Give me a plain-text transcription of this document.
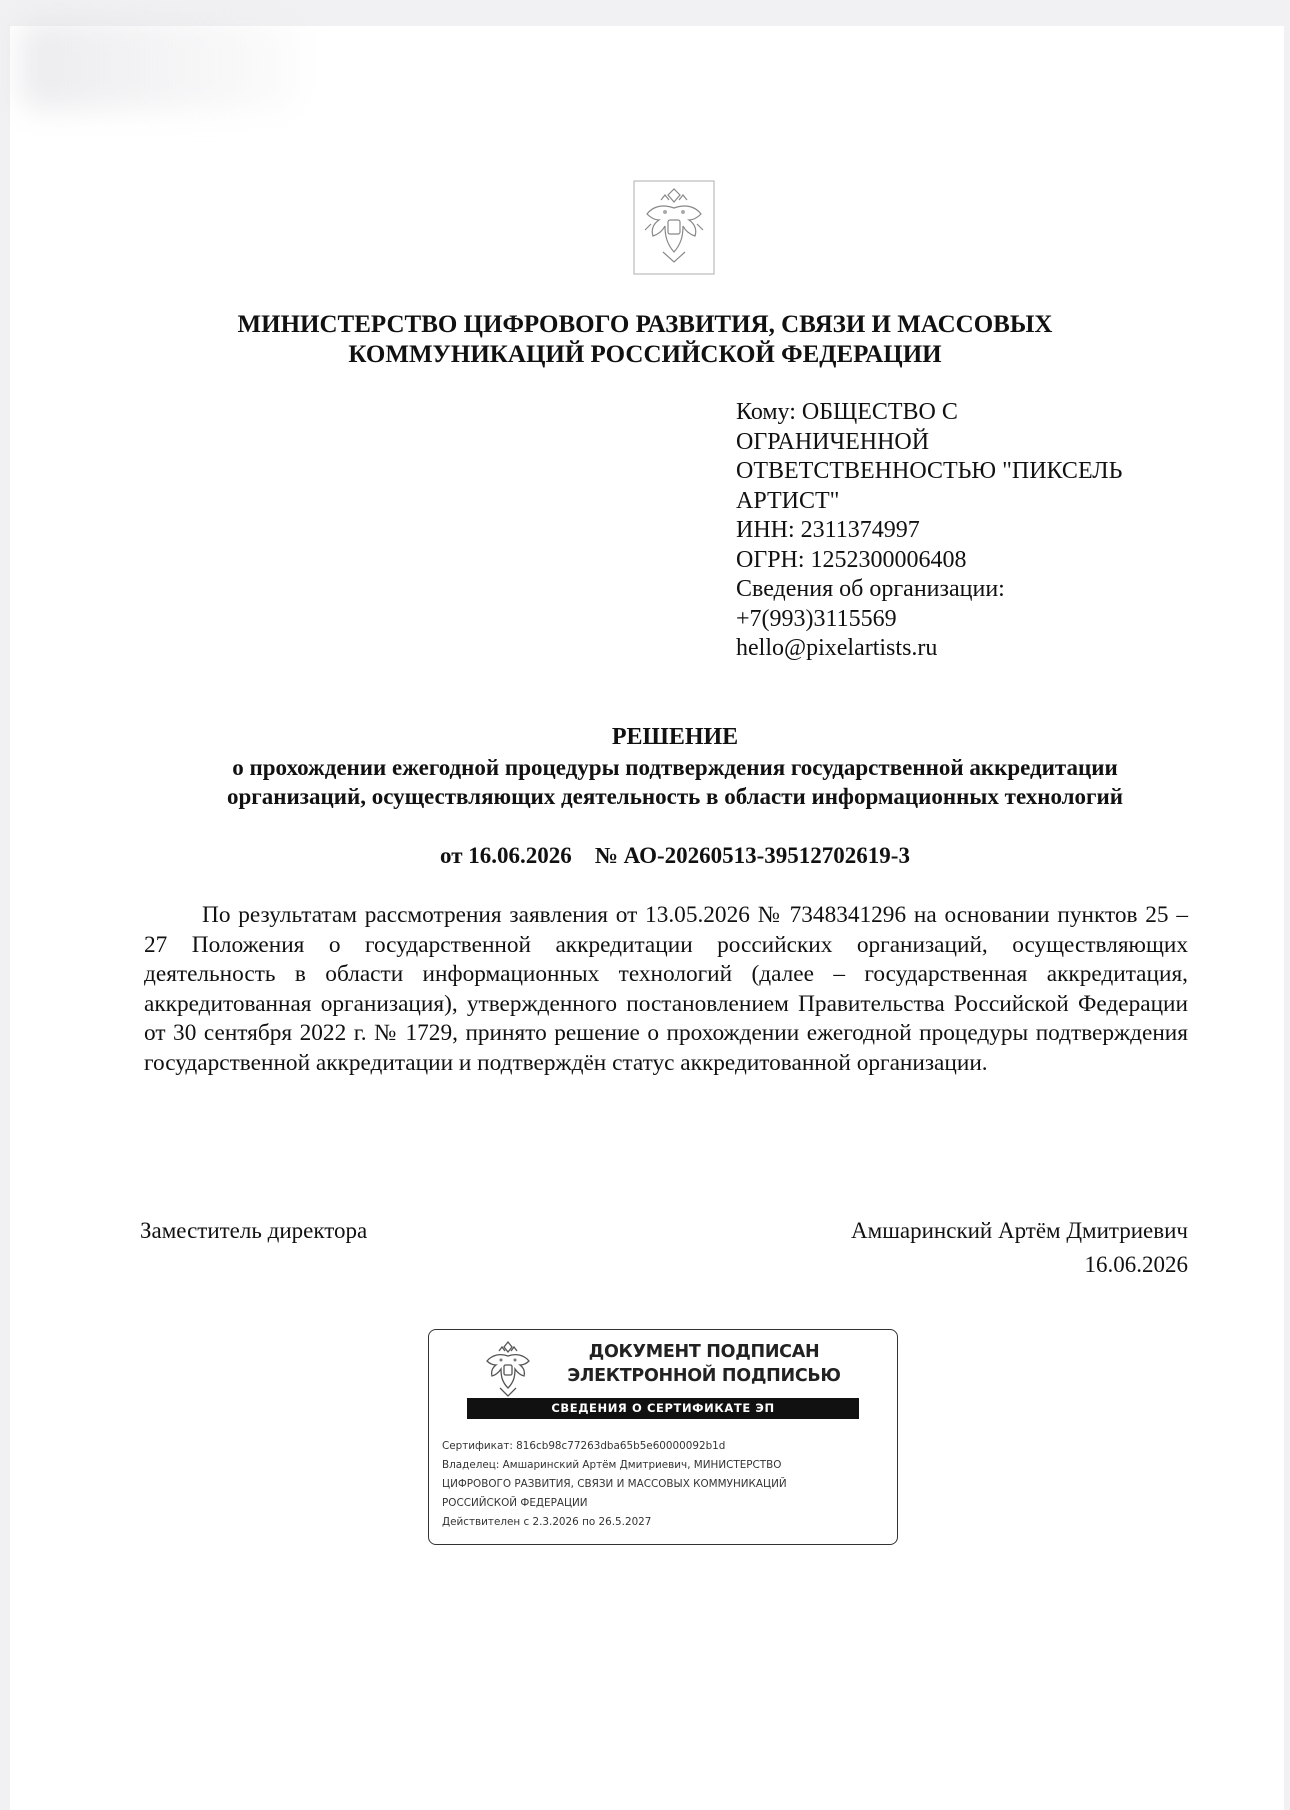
МИНИСТЕРСТВО ЦИФРОВОГО РАЗВИТИЯ, СВЯЗИ И МАССОВЫХ
КОММУНИКАЦИЙ РОССИЙСКОЙ ФЕДЕРАЦИИ
Кому: ОБЩЕСТВО С
ОГРАНИЧЕННОЙ
ОТВЕТСТВЕННОСТЬЮ "ПИКСЕЛЬ
АРТИСТ"
ИНН: 2311374997
ОГРН: 1252300006408
Сведения об организации:
+7(993)3115569
hello@pixelartists.ru
РЕШЕНИЕ
о прохождении ежегодной процедуры подтверждения государственной аккредитации
организаций, осуществляющих деятельность в области информационных технологий
от 16.06.2026    № АО-20260513-39512702619-3
По результатам рассмотрения заявления от 13.05.2026 № 7348341296 на основании пунктов 25 – 27 Положения о государственной аккредитации российских организаций, осуществляющих деятельность в области информационных технологий (далее – государственная аккредитация, аккредитованная организация), утвержденного постановлением Правительства Российской Федерации от 30 сентября 2022 г. № 1729, принято решение о прохождении ежегодной процедуры подтверждения государственной аккредитации и подтверждён статус аккредитованной организации.
Заместитель директора	Амшаринский Артём Дмитриевич
16.06.2026
ДОКУМЕНТ ПОДПИСАН
ЭЛЕКТРОННОЙ ПОДПИСЬЮ
СВЕДЕНИЯ О СЕРТИФИКАТЕ ЭП
Сертификат: 816cb98c77263dba65b5e60000092b1d
Владелец: Амшаринский Артём Дмитриевич, МИНИСТЕРСТВО
ЦИФРОВОГО РАЗВИТИЯ, СВЯЗИ И МАССОВЫХ КОММУНИКАЦИЙ
РОССИЙСКОЙ ФЕДЕРАЦИИ
Действителен с 2.3.2026 по 26.5.2027
